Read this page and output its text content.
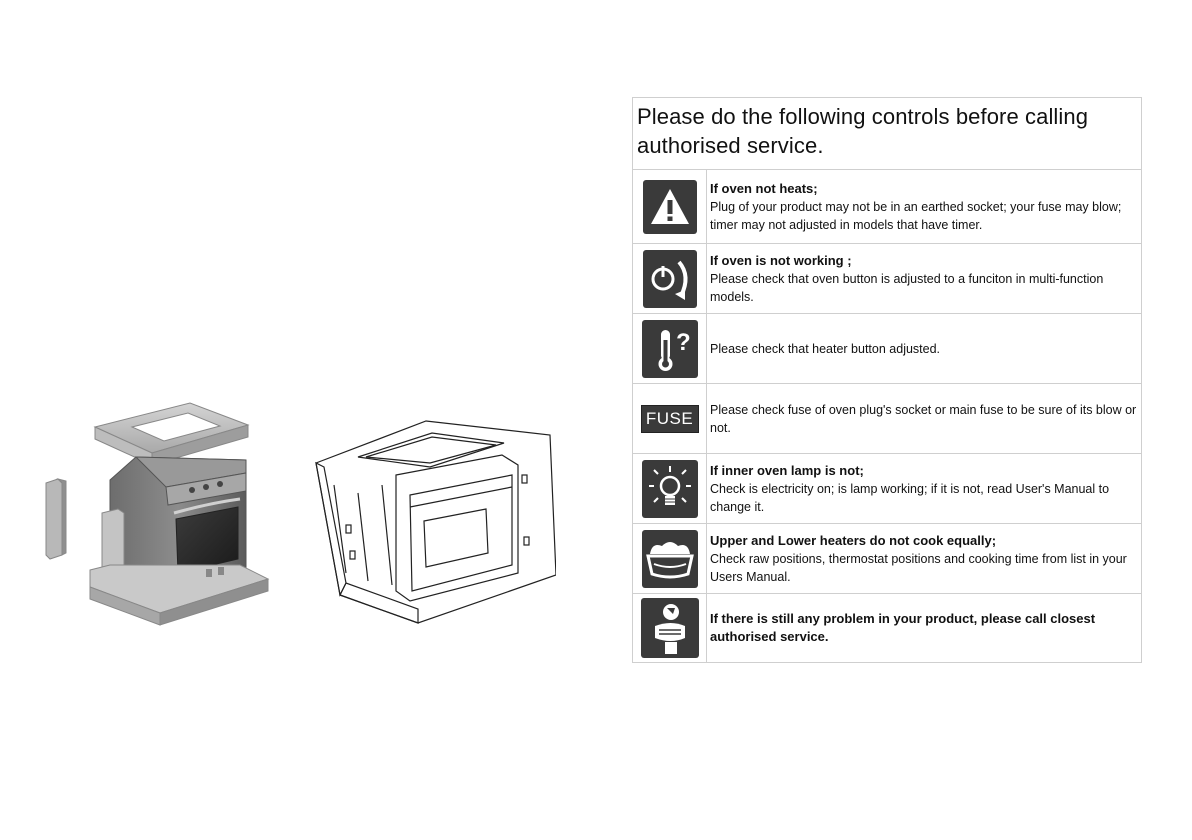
Please do the following controls before calling authorised service.
If oven not heats;
Plug of your product may not be in an earthed socket; your fuse may blow; timer may not adjusted in models that have timer.
If oven is not working ;
Please check that oven button is adjusted to a funciton in multi-function models.
? Please check that heater button adjusted.
FUSE Please check fuse of oven plug's socket or main fuse to be sure of its blow or not.
If inner oven lamp is not;
Check is electricity on; is lamp working; if it is not, read User's Manual to change it.
Upper and Lower heaters do not cook equally;
Check raw positions, thermostat positions and cooking time from list in your Users Manual.
If there is still any problem in your product, please call closest authorised service.
